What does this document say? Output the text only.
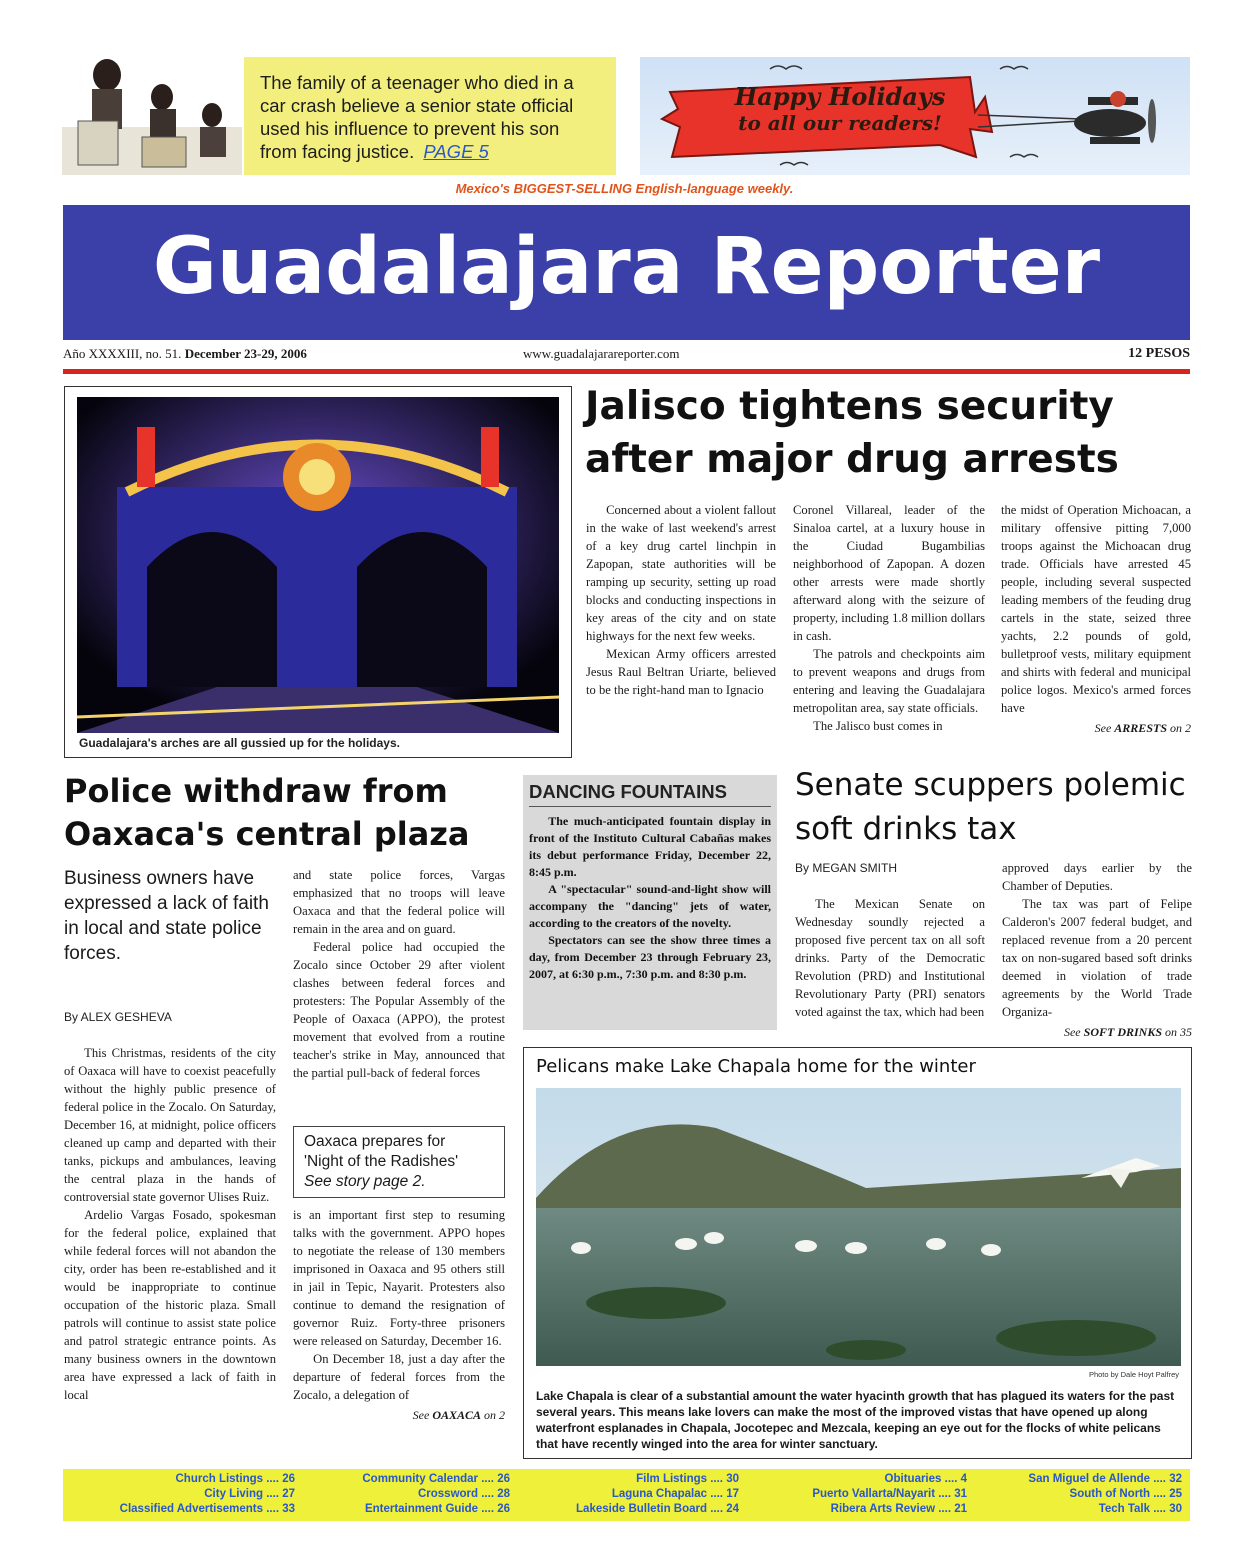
The family of a teenager who died in a car crash believe a senior state official used his influence to prevent his son from facing justice. PAGE 5
Happy Holidays
to all our readers!
Mexico's BIGGEST-SELLING English-language weekly.
Guadalajara Reporter
Año XXXXIII, no. 51. December 23-29, 2006	www.guadalajarareporter.com	12 PESOS
Guadalajara's arches are all gussied up for the holidays.
Jalisco tightens security after major drug arrests

Concerned about a violent fallout in the wake of last weekend's arrest of a key drug cartel linchpin in Zapopan, state authorities will be ramping up security, setting up road blocks and conducting inspections in key areas of the city and on state highways for the next few weeks.

Mexican Army officers arrested Jesus Raul Beltran Uriarte, believed to be the right-hand man to Ignacio

Coronel Villareal, leader of the Sinaloa cartel, at a luxury house in the Ciudad Bugambilias neighborhood of Zapopan. A dozen other arrests were made shortly afterward along with the seizure of property, including 1.8 million dollars in cash.

The patrols and checkpoints aim to prevent weapons and drugs from entering and leaving the Guadalajara metropolitan area, say state officials.

The Jalisco bust comes in

the midst of Operation Michoacan, a military offensive pitting 7,000 troops against the Michoacan drug trade. Officials have arrested 45 people, including several suspected leading members of the feuding drug cartels in the state, seized three yachts, 2.2 pounds of gold, bulletproof vests, military equipment and shirts with federal and municipal police logos. Mexico's armed forces have

See ARRESTS on 2
Police withdraw from Oaxaca's central plaza
Business owners have expressed a lack of faith in local and state police forces.
By ALEX GESHEVA

This Christmas, residents of the city of Oaxaca will have to coexist peacefully without the highly public presence of federal police in the Zocalo. On Saturday, December 16, at midnight, police officers cleaned up camp and departed with their tanks, pickups and ambulances, leaving the central plaza in the hands of controversial state governor Ulises Ruiz.

Ardelio Vargas Fosado, spokesman for the federal police, explained that while federal forces will not abandon the city, order has been re-established and it would be inappropriate to continue occupation of the historic plaza. Small patrols will continue to assist state police and patrol strategic entrance points. As many business owners in the downtown area have expressed a lack of faith in local

and state police forces, Vargas emphasized that no troops will leave Oaxaca and that the federal police will remain in the area and on guard.

Federal police had occupied the Zocalo since October 29 after violent clashes between federal forces and protesters: The Popular Assembly of the People of Oaxaca (APPO), the protest movement that evolved from a routine teacher's strike in May, announced that the partial pull-back of federal forces

Oaxaca prepares for
'Night of the Radishes'
See story page 2.

is an important first step to resuming talks with the government. APPO hopes to negotiate the release of 130 members imprisoned in Oaxaca and 95 others still in jail in Tepic, Nayarit. Protesters also continue to demand the resignation of governor Ruiz. Forty-three prisoners were released on Saturday, December 16.

On December 18, just a day after the departure of federal forces from the Zocalo, a delegation of

See OAXACA on 2
DANCING FOUNTAINS

The much-anticipated fountain display in front of the Instituto Cultural Cabañas makes its debut performance Friday, December 22, 8:45 p.m.

A "spectacular" sound-and-light show will accompany the "dancing" jets of water, according to the creators of the novelty.

Spectators can see the show three times a day, from December 23 through February 23, 2007, at 6:30 p.m., 7:30 p.m. and 8:30 p.m.

Senate scuppers polemic soft drinks tax
By MEGAN SMITH

The Mexican Senate on Wednesday soundly rejected a proposed five percent tax on all soft drinks. Party of the Democratic Revolution (PRD) and Institutional Revolutionary Party (PRI) senators voted against the tax, which had been

approved days earlier by the Chamber of Deputies.

The tax was part of Felipe Calderon's 2007 federal budget, and replaced revenue from a 20 percent tax on non-sugared based soft drinks deemed in violation of trade agreements by the World Trade Organiza-

See SOFT DRINKS on 35
Pelicans make Lake Chapala home for the winter
Photo by Dale Hoyt Palfrey
Lake Chapala is clear of a substantial amount the water hyacinth growth that has plagued its waters for the past several years. This means lake lovers can make the most of the improved vistas that have opened up along waterfront esplanades in Chapala, Jocotepec and Mezcala, keeping an eye out for the flocks of white pelicans that have recently winged into the area for winter sanctuary.
Church Listings .... 26
City Living .... 27
Classified Advertisements .... 33
Community Calendar .... 26
Crossword .... 28
Entertainment Guide .... 26
Film Listings .... 30
Laguna Chapalac .... 17
Lakeside Bulletin Board .... 24
Obituaries .... 4
Puerto Vallarta/Nayarit .... 31
Ribera Arts Review .... 21
San Miguel de Allende .... 32
South of North .... 25
Tech Talk .... 30
